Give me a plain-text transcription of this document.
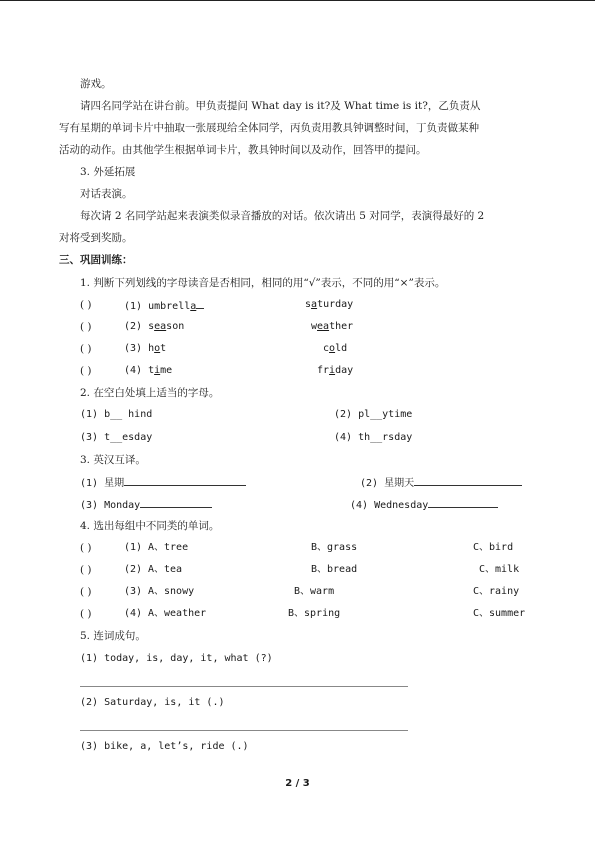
游戏。
请四名同学站在讲台前。甲负责提问 What day is it?及 What time is it?，乙负责从
写有星期的单词卡片中抽取一张展现给全体同学，丙负责用教具钟调整时间，丁负责做某种
活动的动作。由其他学生根据单词卡片，教具钟时间以及动作，回答甲的提问。
3. 外延拓展
对话表演。
每次请 2 名同学站起来表演类似录音播放的对话。依次请出 5 对同学，表演得最好的 2
对将受到奖励。
三、巩固训练：
1. 判断下列划线的字母读音是否相同，相同的用“√”表示，不同的用“×”表示。
( )	(1) umbrella	saturday
( )	(2) season	weather
( )	(3) hot	cold
( )	(4) time	friday
2. 在空白处填上适当的字母。
(1) b__ hind	(2) pl__ytime
(3) t__esday	(4) th__rsday
3. 英汉互译。
(1) 星期	(2) 星期天
(3) Monday	(4) Wednesday
4. 选出每组中不同类的单词。
( )	(1) A、tree	B、grass	C、bird
( )	(2) A、tea	B、bread	C、milk
( )	(3) A、snowy	B、warm	C、rainy
( )	(4) A、weather	B、spring	C、summer
5. 连词成句。
(1) today, is, day, it, what (?)
(2) Saturday, is, it (.)
(3) bike, a, let’s, ride (.)
2 / 3
